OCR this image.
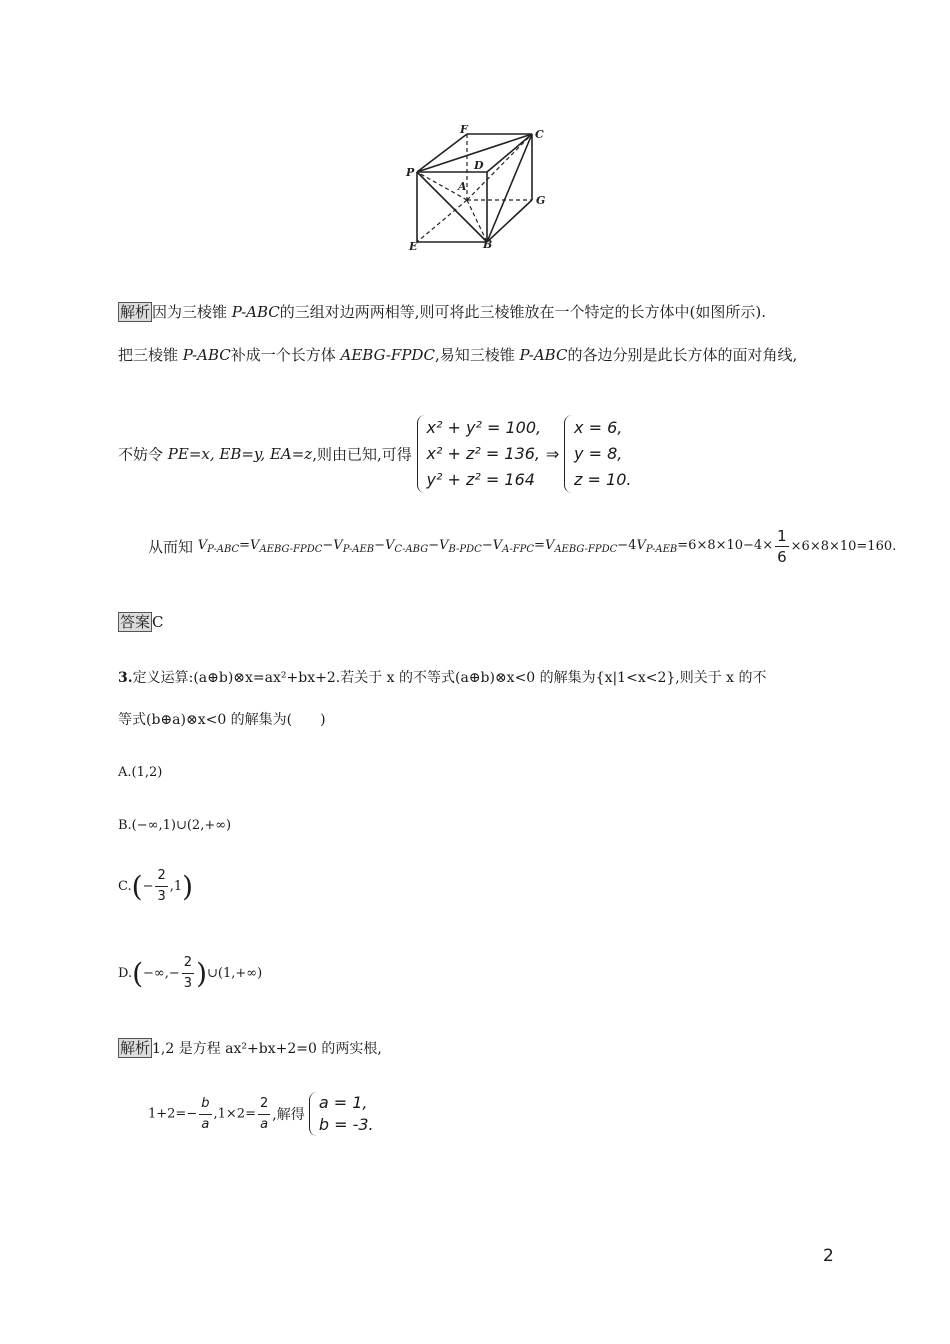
F	C
P
D
A
G
E	B
解析 因为三棱锥 P-ABC的三组对边两两相等,则可将此三棱锥放在一个特定的长方体中(如图所示).
把三棱锥 P-ABC补成一个长方体 AEBG-FPDC,易知三棱锥 P-ABC的各边分别是此长方体的面对角线,
不妨令 PE=x, EB=y, EA=z,则由已知,可得
x² + y² = 100,
x² + z² = 136,
y² + z² = 164
⇒
x = 6,
y = 8,
z = 10.
从而知 $V_{P-ABC}=V_{AEBG-FPDC}-V_{P-AEB}-V_{C-ABG}-V_{B-PDC}-V_{A-FPC}=V_{AEBG-FPDC}-4V_{P-AEB}=6\times 8\times 10-4\times \frac{1}{6} \times 6\times 8\times 10=160$.
答案 C
3.定义运算:(a⊕b)⊗x=ax²+bx+2.若关于 x 的不等式(a⊕b)⊗x<0 的解集为{x|1<x<2},则关于 x 的不
等式(b⊕a)⊗x<0 的解集为(　　)
A.(1,2)
B.(−∞,1)∪(2,+∞)
$C.(- \frac{2}{3} ,1)$
$D.(-\infty,- \frac{2}{3}$ )∪(1,+∞)
解析 1,2 是方程 ax²+bx+2=0 的两实根,
$1+2=- \frac{b}{a} ,1\times 2= \frac{2}{a}$ ,解得
a = 1,
b = -3.
2
